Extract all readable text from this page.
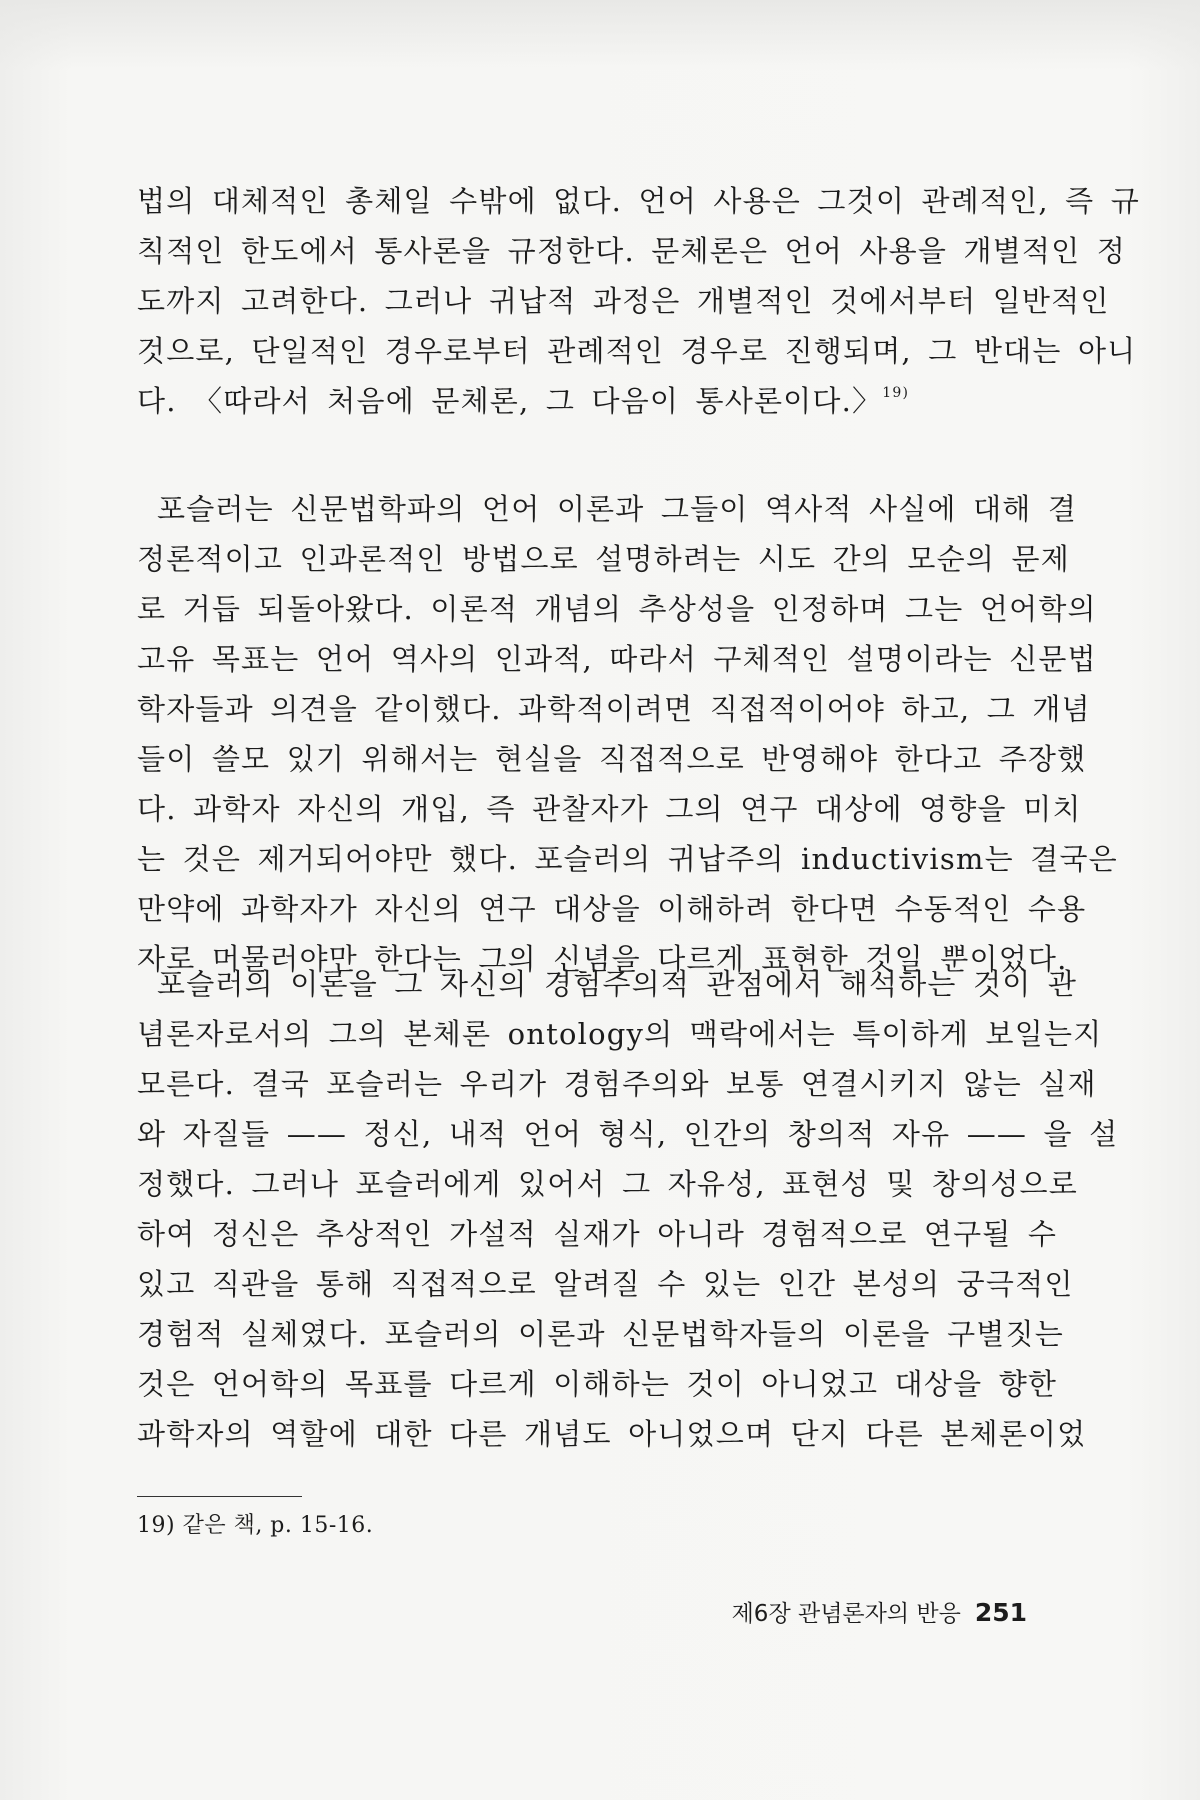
법의 대체적인 총체일 수밖에 없다. 언어 사용은 그것이 관례적인, 즉 규
칙적인 한도에서 통사론을 규정한다. 문체론은 언어 사용을 개별적인 정
도까지 고려한다. 그러나 귀납적 과정은 개별적인 것에서부터 일반적인
것으로, 단일적인 경우로부터 관례적인 경우로 진행되며, 그 반대는 아니
다. 〈따라서 처음에 문체론, 그 다음이 통사론이다.〉$^{19)}$
포슬러는 신문법학파의 언어 이론과 그들이 역사적 사실에 대해 결
정론적이고 인과론적인 방법으로 설명하려는 시도 간의 모순의 문제
로 거듭 되돌아왔다. 이론적 개념의 추상성을 인정하며 그는 언어학의
고유 목표는 언어 역사의 인과적, 따라서 구체적인 설명이라는 신문법
학자들과 의견을 같이했다. 과학적이려면 직접적이어야 하고, 그 개념
들이 쓸모 있기 위해서는 현실을 직접적으로 반영해야 한다고 주장했
다. 과학자 자신의 개입, 즉 관찰자가 그의 연구 대상에 영향을 미치
는 것은 제거되어야만 했다. 포슬러의 귀납주의 inductivism는 결국은
만약에 과학자가 자신의 연구 대상을 이해하려 한다면 수동적인 수용
자로 머물러야만 한다는 그의 신념을 다르게 표현한 것일 뿐이었다.
포슬러의 이론을 그 자신의 경험주의적 관점에서 해석하는 것이 관
념론자로서의 그의 본체론 ontology의 맥락에서는 특이하게 보일는지
모른다. 결국 포슬러는 우리가 경험주의와 보통 연결시키지 않는 실재
와 자질들 —— 정신, 내적 언어 형식, 인간의 창의적 자유 —— 을 설
정했다. 그러나 포슬러에게 있어서 그 자유성, 표현성 및 창의성으로
하여 정신은 추상적인 가설적 실재가 아니라 경험적으로 연구될 수
있고 직관을 통해 직접적으로 알려질 수 있는 인간 본성의 궁극적인
경험적 실체였다. 포슬러의 이론과 신문법학자들의 이론을 구별짓는
것은 언어학의 목표를 다르게 이해하는 것이 아니었고 대상을 향한
과학자의 역할에 대한 다른 개념도 아니었으며 단지 다른 본체론이었
19) 같은 책, p. 15-16.
제6장 관념론자의 반응 251
